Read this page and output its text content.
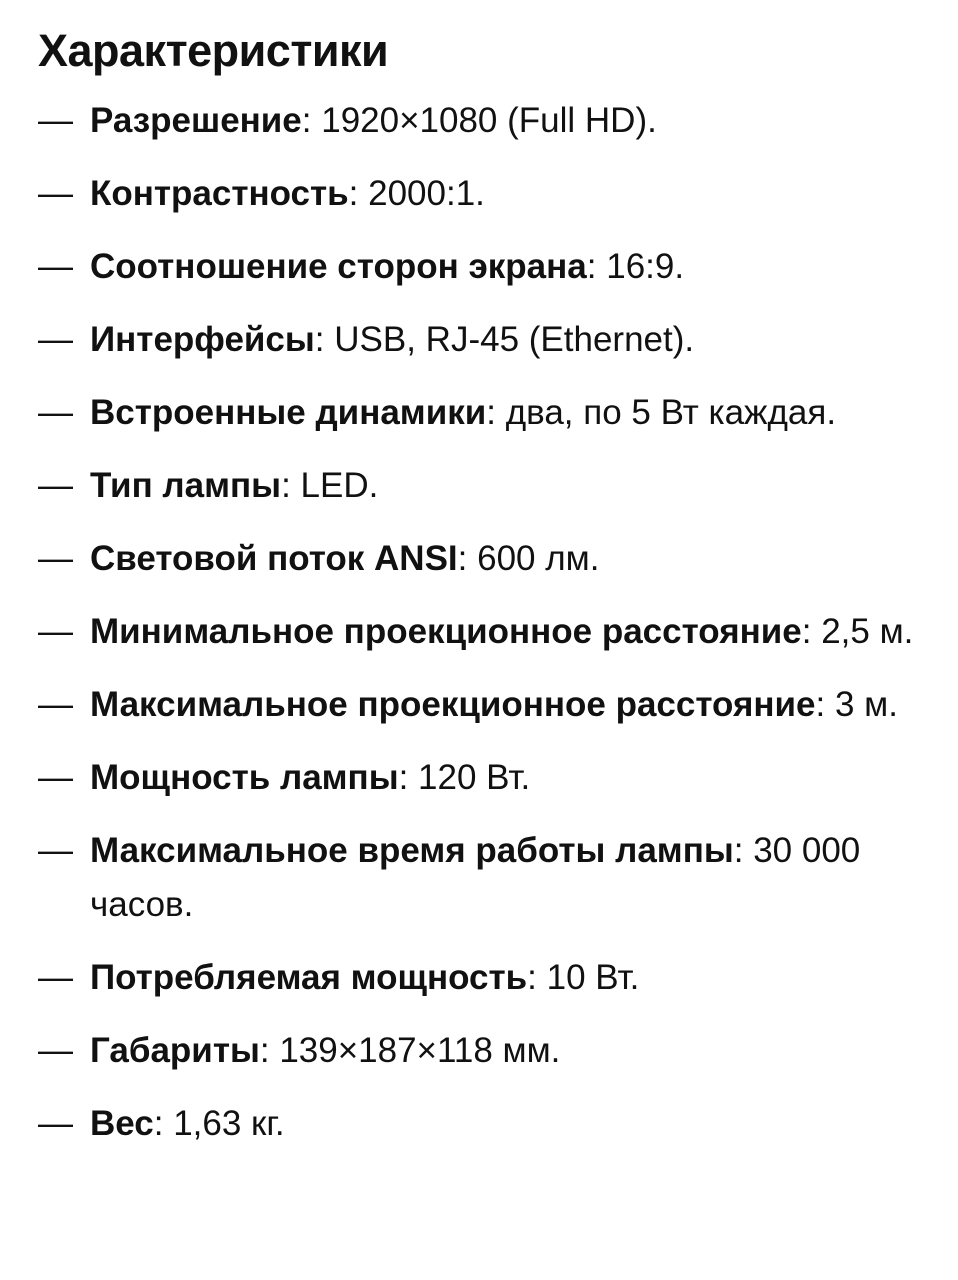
Характеристики
— Разрешение: 1920×1080 (Full HD).
— Контрастность: 2000:1.
— Соотношение сторон экрана: 16:9.
— Интерфейсы: USB, RJ-45 (Ethernet).
— Встроенные динамики: два, по 5 Вт каждая.
— Тип лампы: LED.
— Световой поток ANSI: 600 лм.
— Минимальное проекционное расстояние: 2,5 м.
— Максимальное проекционное расстояние: 3 м.
— Мощность лампы: 120 Вт.
— Максимальное время работы лампы: 30 000 часов.
— Потребляемая мощность: 10 Вт.
— Габариты: 139×187×118 мм.
— Вес: 1,63 кг.
